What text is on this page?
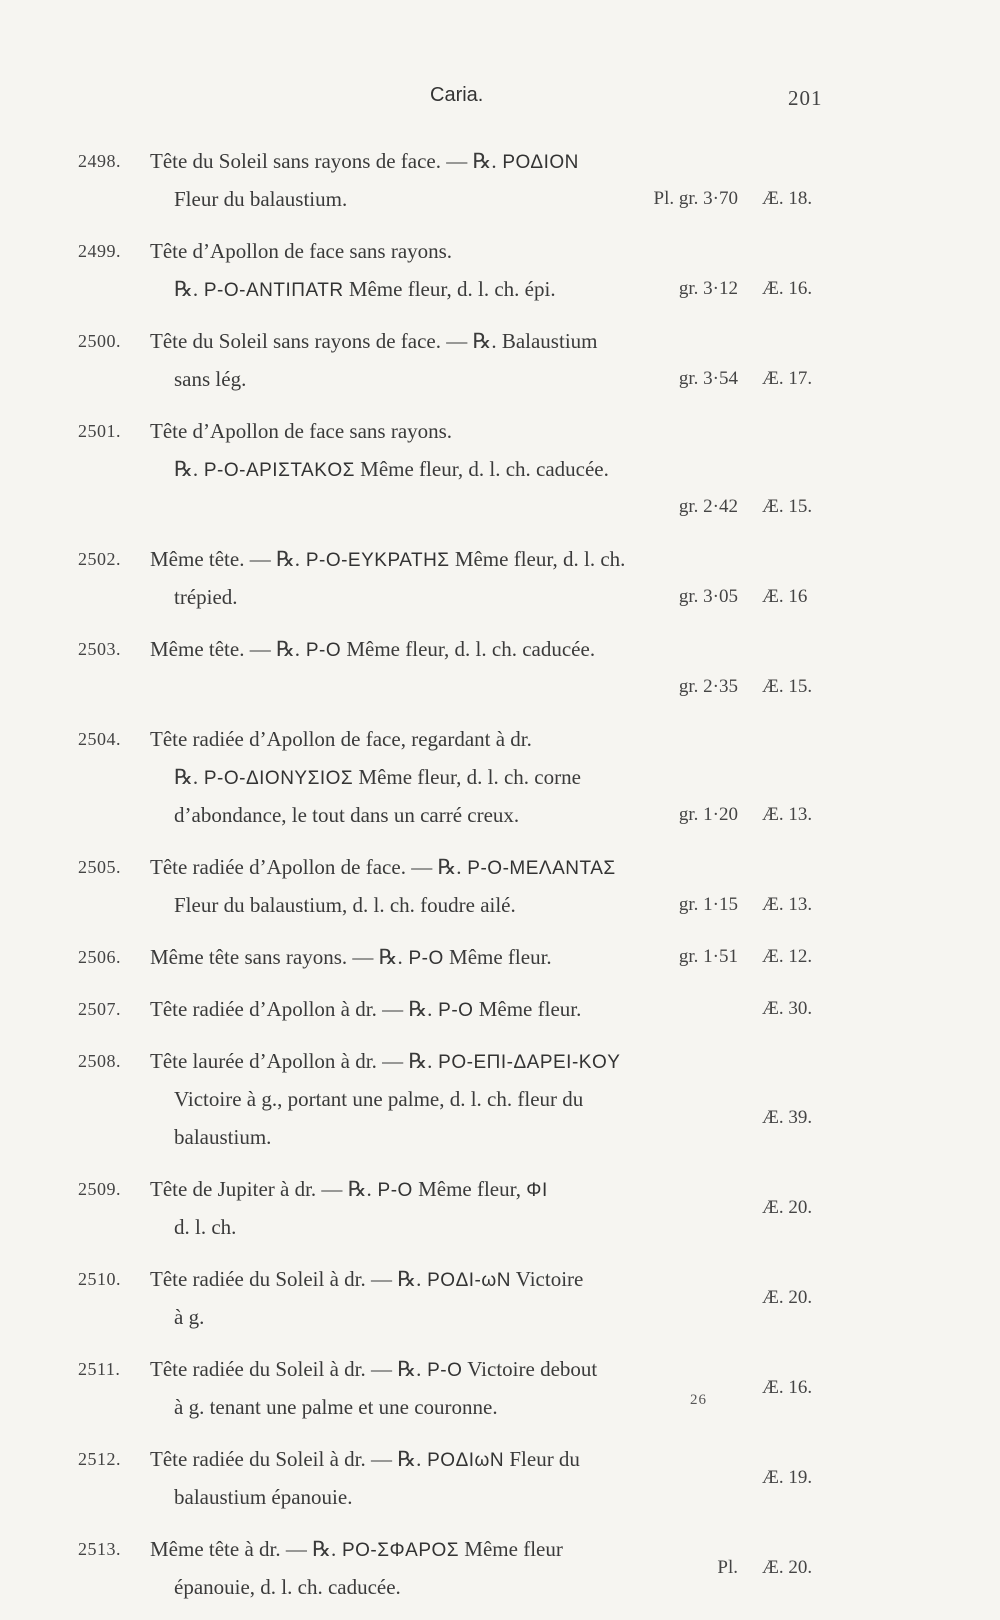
Caria.	201
2498. Tête du Soleil sans rayons de face. — ℞. ΡΟΔΙΟΝ
Fleur du balaustium.	Pl. gr. 3·70 Æ. 18.
2499. Tête d’Apollon de face sans rayons.
℞. P-O-ANTIΠATR Même fleur, d. l. ch. épi.	gr. 3·12 Æ. 16.
2500. Tête du Soleil sans rayons de face. — ℞. Balaustium
sans lég.	gr. 3·54 Æ. 17.
2501. Tête d’Apollon de face sans rayons.
℞. P-O-APIΣTAKOΣ Même fleur, d. l. ch. caducée.
gr. 2·42 Æ. 15.
2502. Même tête. — ℞. P-O-EYKPATHΣ Même fleur, d. l. ch.
trépied.	gr. 3·05 Æ. 16
2503. Même tête. — ℞. P-O Même fleur, d. l. ch. caducée.
gr. 2·35 Æ. 15.
2504. Tête radiée d’Apollon de face, regardant à dr.
℞. P-O-ΔIONYΣIOΣ Même fleur, d. l. ch. corne
d’abondance, le tout dans un carré creux.	gr. 1·20 Æ. 13.
2505. Tête radiée d’Apollon de face. — ℞. P-O-MEΛANTAΣ
Fleur du balaustium, d. l. ch. foudre ailé.	gr. 1·15 Æ. 13.
2506. Même tête sans rayons. — ℞. P-O Même fleur.	gr. 1·51 Æ. 12.
2507. Tête radiée d’Apollon à dr. — ℞. P-O Même fleur.	Æ. 30.
2508. Tête laurée d’Apollon à dr. — ℞. PO-EΠI-ΔAPEI-KOY
Victoire à g., portant une palme, d. l. ch. fleur du
Æ. 39.
balaustium.
2509. Tête de Jupiter à dr. — ℞. P-O Même fleur, ΦI
Æ. 20.
d. l. ch.
2510. Tête radiée du Soleil à dr. — ℞. POΔI-ωN Victoire
Æ. 20.
à g.
2511. Tête radiée du Soleil à dr. — ℞. P-O Victoire debout
Æ. 16.
à g. tenant une palme et une couronne.
2512. Tête radiée du Soleil à dr. — ℞. POΔIωN Fleur du
Æ. 19.
balaustium épanouie.
2513. Même tête à dr. — ℞. PO-ΣΦAPOΣ Même fleur
Pl. Æ. 20.
épanouie, d. l. ch. caducée.
26
